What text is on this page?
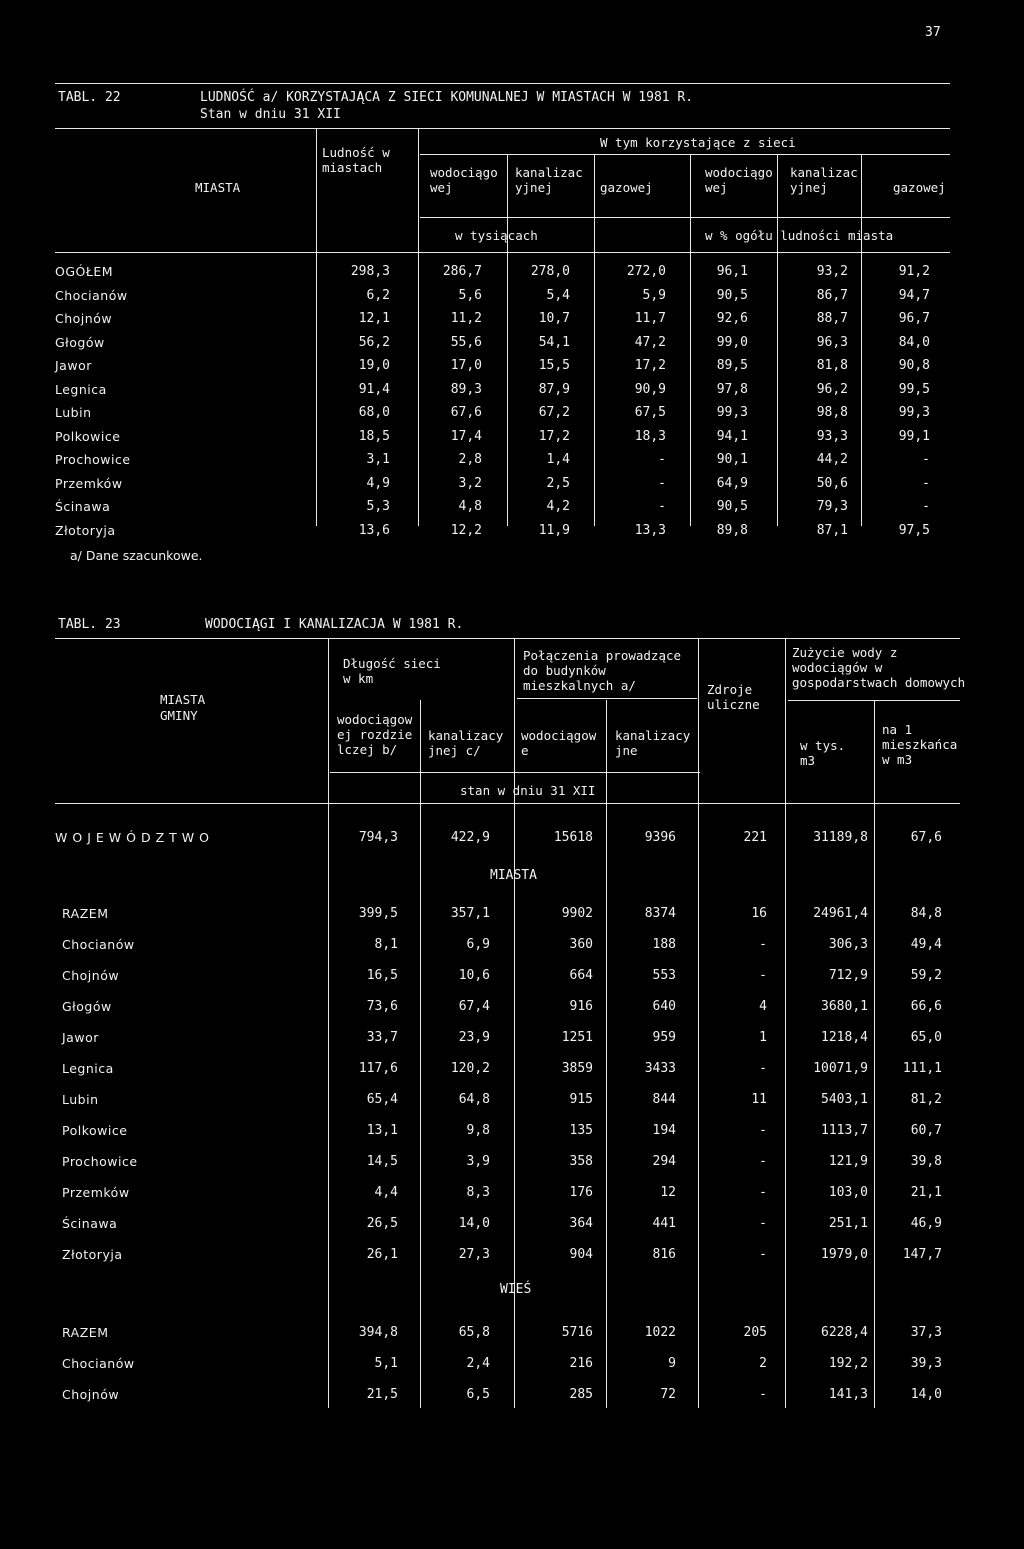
37
TABL. 22	LUDNOŚĆ a/ KORZYSTAJĄCA Z SIECI KOMUNALNEJ W MIASTACH W 1981 R.
Stan w dniu 31 XII
MIASTA
Ludność w miastach
W tym korzystające z sieci
wodociągowej
kanalizacyjnej	gazowej
wodociągowej
kanalizacyjnej	gazowej
w tysiącach	w % ogółu ludności miasta
OGÓŁEM	298,3	286,7	278,0	272,0	96,1	93,2	91,2
Chocianów	6,2	5,6	5,4	5,9	90,5	86,7	94,7
Chojnów	12,1	11,2	10,7	11,7	92,6	88,7	96,7
Głogów	56,2	55,6	54,1	47,2	99,0	96,3	84,0
Jawor	19,0	17,0	15,5	17,2	89,5	81,8	90,8
Legnica	91,4	89,3	87,9	90,9	97,8	96,2	99,5
Lubin	68,0	67,6	67,2	67,5	99,3	98,8	99,3
Polkowice	18,5	17,4	17,2	18,3	94,1	93,3	99,1
Prochowice	3,1	2,8	1,4	-	90,1	44,2	-
Przemków	4,9	3,2	2,5	-	64,9	50,6	-
Ścinawa	5,3	4,8	4,2	-	90,5	79,3	-
Złotoryja	13,6	12,2	11,9	13,3	89,8	87,1	97,5
a/ Dane szacunkowe.
TABL. 23	WODOCIĄGI I KANALIZACJA W 1981 R.
MIASTA
GMINY
Długość sieci
w km
Połączenia prowadzące do budynków mieszkalnych a/	Zdroje uliczne
Zużycie wody z wodociągów w gospodarstwach domowych
wodociągowej rozdzielczej b/
kanalizacyjnej c/
wodociągowe
kanalizacyjne	w tys. m3
na 1 mieszkańca w m3
stan w dniu 31 XII
WOJEWÓDZTWO	794,3	422,9	15618	9396	221	31189,8	67,6
MIASTA
RAZEM	399,5	357,1	9902	8374	16	24961,4	84,8
Chocianów	8,1	6,9	360	188	-	306,3	49,4
Chojnów	16,5	10,6	664	553	-	712,9	59,2
Głogów	73,6	67,4	916	640	4	3680,1	66,6
Jawor	33,7	23,9	1251	959	1	1218,4	65,0
Legnica	117,6	120,2	3859	3433	-	10071,9	111,1
Lubin	65,4	64,8	915	844	11	5403,1	81,2
Polkowice	13,1	9,8	135	194	-	1113,7	60,7
Prochowice	14,5	3,9	358	294	-	121,9	39,8
Przemków	4,4	8,3	176	12	-	103,0	21,1
Ścinawa	26,5	14,0	364	441	-	251,1	46,9
Złotoryja	26,1	27,3	904	816	-	1979,0	147,7
WIEŚ
RAZEM	394,8	65,8	5716	1022	205	6228,4	37,3
Chocianów	5,1	2,4	216	9	2	192,2	39,3
Chojnów	21,5	6,5	285	72	-	141,3	14,0
